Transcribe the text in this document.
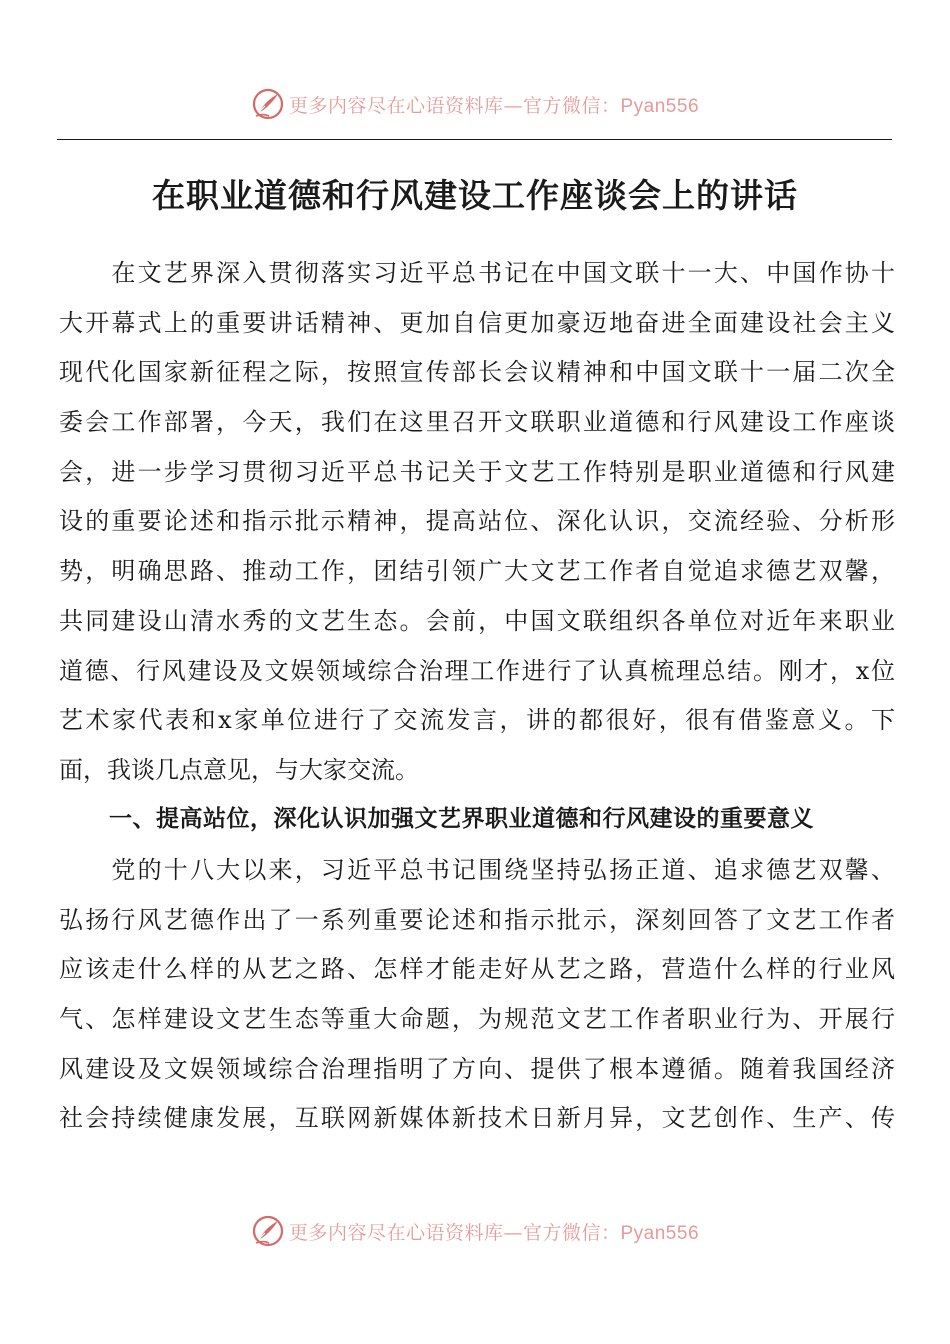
更多内容尽在心语资料库—官方微信：Pyan556
在职业道德和行风建设工作座谈会上的讲话
　　在文艺界深入贯彻落实习近平总书记在中国文联十一大、中国作协十
大开幕式上的重要讲话精神、更加自信更加豪迈地奋进全面建设社会主义
现代化国家新征程之际，按照宣传部长会议精神和中国文联十一届二次全
委会工作部署，今天，我们在这里召开文联职业道德和行风建设工作座谈
会，进一步学习贯彻习近平总书记关于文艺工作特别是职业道德和行风建
设的重要论述和指示批示精神，提高站位、深化认识，交流经验、分析形
势，明确思路、推动工作，团结引领广大文艺工作者自觉追求德艺双馨，
共同建设山清水秀的文艺生态。会前，中国文联组织各单位对近年来职业
道德、行风建设及文娱领域综合治理工作进行了认真梳理总结。刚才，x位
艺术家代表和x家单位进行了交流发言，讲的都很好，很有借鉴意义。下
面，我谈几点意见，与大家交流。
一、提高站位，深化认识加强文艺界职业道德和行风建设的重要意义
　　党的十八大以来，习近平总书记围绕坚持弘扬正道、追求德艺双馨、
弘扬行风艺德作出了一系列重要论述和指示批示，深刻回答了文艺工作者
应该走什么样的从艺之路、怎样才能走好从艺之路，营造什么样的行业风
气、怎样建设文艺生态等重大命题，为规范文艺工作者职业行为、开展行
风建设及文娱领域综合治理指明了方向、提供了根本遵循。随着我国经济
社会持续健康发展，互联网新媒体新技术日新月异，文艺创作、生产、传
更多内容尽在心语资料库—官方微信：Pyan556
